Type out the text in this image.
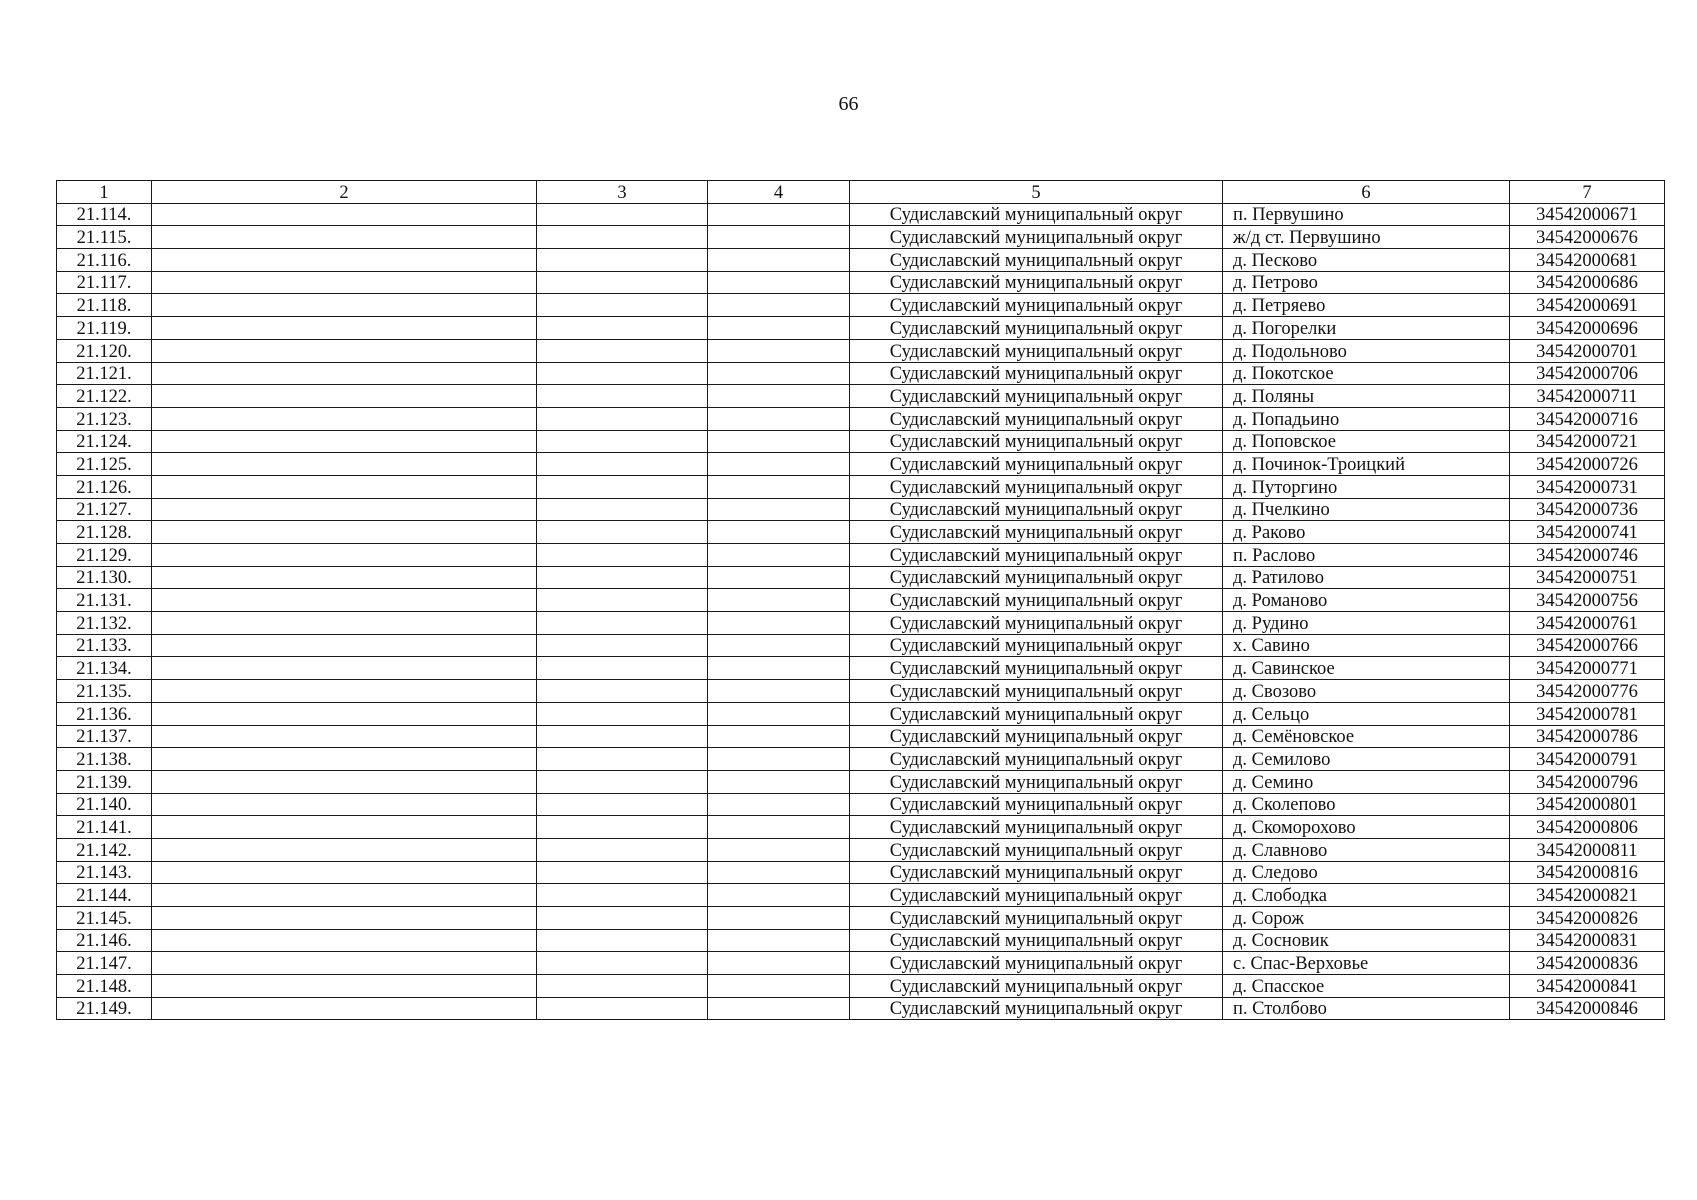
66
1	2	3	4	5	6	7
21.114.				Судиславский муниципальный округ	п. Первушино	34542000671
21.115.				Судиславский муниципальный округ	ж/д ст. Первушино	34542000676
21.116.				Судиславский муниципальный округ	д. Песково	34542000681
21.117.				Судиславский муниципальный округ	д. Петрово	34542000686
21.118.				Судиславский муниципальный округ	д. Петряево	34542000691
21.119.				Судиславский муниципальный округ	д. Погорелки	34542000696
21.120.				Судиславский муниципальный округ	д. Подольново	34542000701
21.121.				Судиславский муниципальный округ	д. Покотское	34542000706
21.122.				Судиславский муниципальный округ	д. Поляны	34542000711
21.123.				Судиславский муниципальный округ	д. Попадьино	34542000716
21.124.				Судиславский муниципальный округ	д. Поповское	34542000721
21.125.				Судиславский муниципальный округ	д. Починок-Троицкий	34542000726
21.126.				Судиславский муниципальный округ	д. Путоргино	34542000731
21.127.				Судиславский муниципальный округ	д. Пчелкино	34542000736
21.128.				Судиславский муниципальный округ	д. Раково	34542000741
21.129.				Судиславский муниципальный округ	п. Раслово	34542000746
21.130.				Судиславский муниципальный округ	д. Ратилово	34542000751
21.131.				Судиславский муниципальный округ	д. Романово	34542000756
21.132.				Судиславский муниципальный округ	д. Рудино	34542000761
21.133.				Судиславский муниципальный округ	х. Савино	34542000766
21.134.				Судиславский муниципальный округ	д. Савинское	34542000771
21.135.				Судиславский муниципальный округ	д. Свозово	34542000776
21.136.				Судиславский муниципальный округ	д. Сельцо	34542000781
21.137.				Судиславский муниципальный округ	д. Семёновское	34542000786
21.138.				Судиславский муниципальный округ	д. Семилово	34542000791
21.139.				Судиславский муниципальный округ	д. Семино	34542000796
21.140.				Судиславский муниципальный округ	д. Сколепово	34542000801
21.141.				Судиславский муниципальный округ	д. Скоморохово	34542000806
21.142.				Судиславский муниципальный округ	д. Славново	34542000811
21.143.				Судиславский муниципальный округ	д. Следово	34542000816
21.144.				Судиславский муниципальный округ	д. Слободка	34542000821
21.145.				Судиславский муниципальный округ	д. Сорож	34542000826
21.146.				Судиславский муниципальный округ	д. Сосновик	34542000831
21.147.				Судиславский муниципальный округ	с. Спас-Верховье	34542000836
21.148.				Судиславский муниципальный округ	д. Спасское	34542000841
21.149.				Судиславский муниципальный округ	п. Столбово	34542000846
